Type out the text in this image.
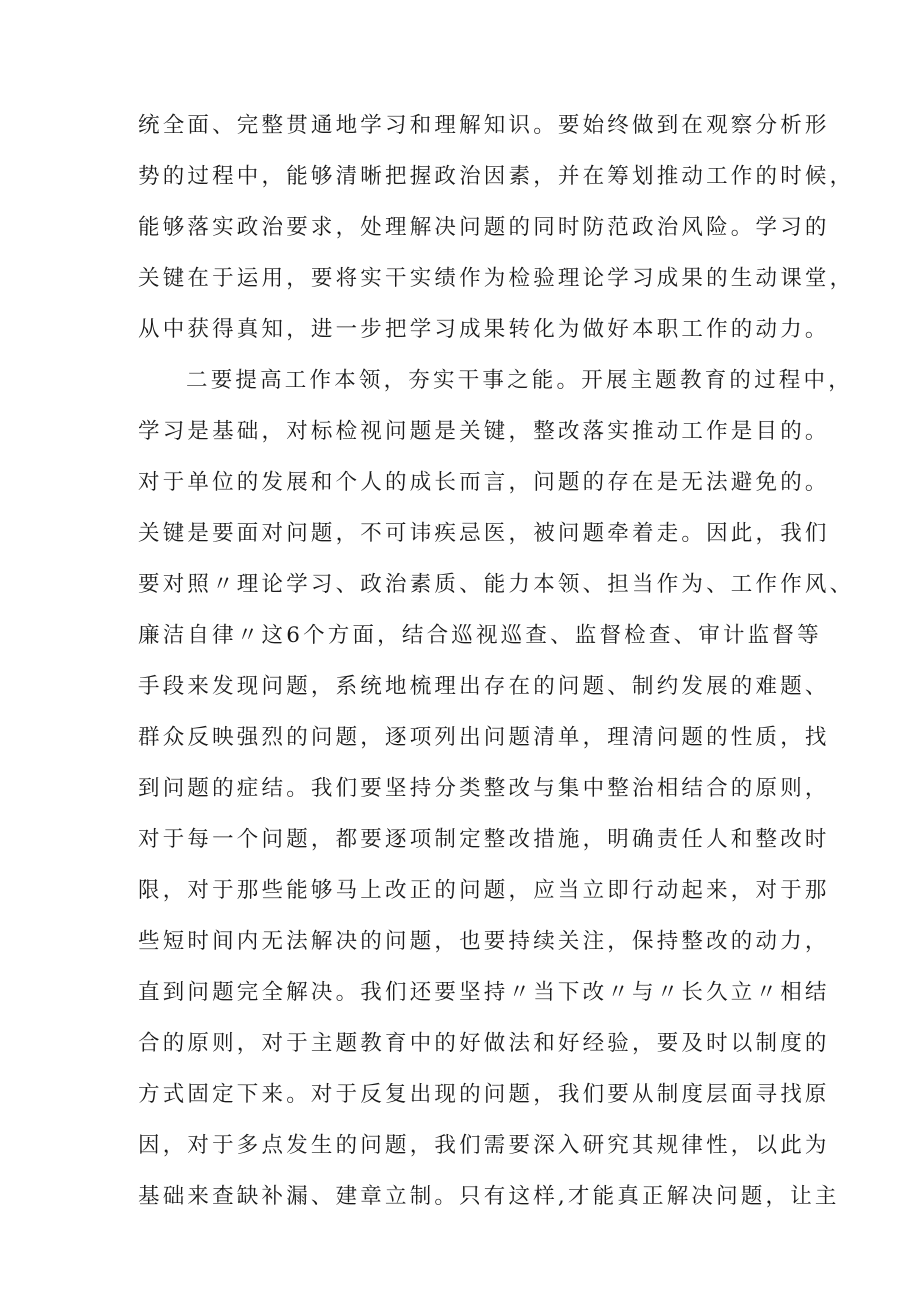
统全面、完整贯通地学习和理解知识。要始终做到在观察分析形
势的过程中，能够清晰把握政治因素，并在筹划推动工作的时候，
能够落实政治要求，处理解决问题的同时防范政治风险。学习的
关键在于运用，要将实干实绩作为检验理论学习成果的生动课堂，
从中获得真知，进一步把学习成果转化为做好本职工作的动力。
二要提高工作本领，夯实干事之能。开展主题教育的过程中，
学习是基础，对标检视问题是关键，整改落实推动工作是目的。
对于单位的发展和个人的成长而言，问题的存在是无法避免的。
关键是要面对问题，不可讳疾忌医，被问题牵着走。因此，我们
要对照〃理论学习、政治素质、能力本领、担当作为、工作作风、
廉洁自律〃这6个方面，结合巡视巡查、监督检查、审计监督等
手段来发现问题，系统地梳理出存在的问题、制约发展的难题、
群众反映强烈的问题，逐项列出问题清单，理清问题的性质，找
到问题的症结。我们要坚持分类整改与集中整治相结合的原则，
对于每一个问题，都要逐项制定整改措施，明确责任人和整改时
限，对于那些能够马上改正的问题，应当立即行动起来，对于那
些短时间内无法解决的问题，也要持续关注，保持整改的动力，
直到问题完全解决。我们还要坚持〃当下改〃与〃长久立〃相结
合的原则，对于主题教育中的好做法和好经验，要及时以制度的
方式固定下来。对于反复出现的问题，我们要从制度层面寻找原
因，对于多点发生的问题，我们需要深入研究其规律性，以此为
基础来查缺补漏、建章立制。只有这样,才能真正解决问题，让主
